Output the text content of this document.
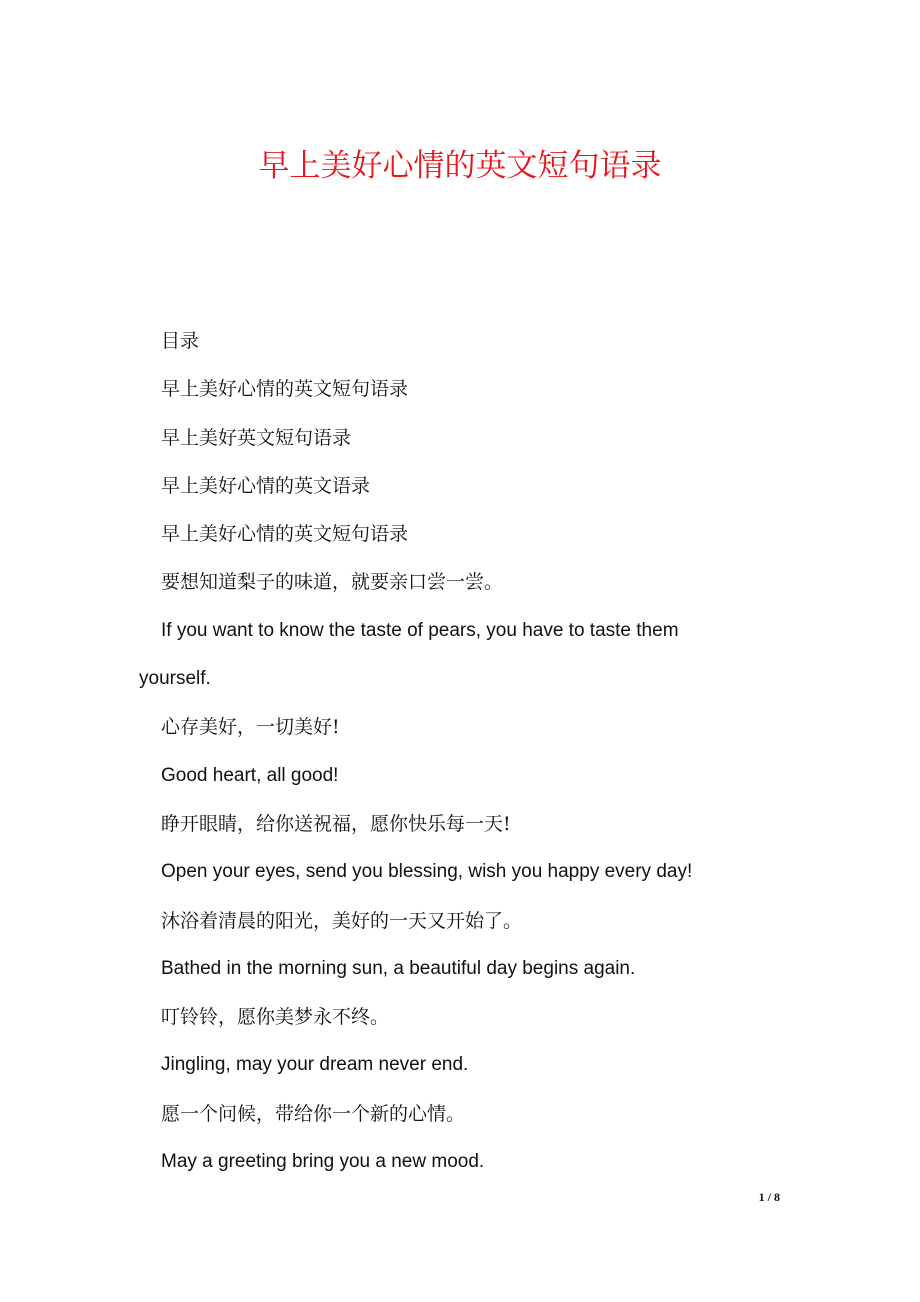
早上美好心情的英文短句语录
目录
早上美好心情的英文短句语录
早上美好英文短句语录
早上美好心情的英文语录
早上美好心情的英文短句语录
要想知道梨子的味道，就要亲口尝一尝。
If you want to know the taste of pears, you have to taste them yourself.
心存美好，一切美好!
Good heart, all good!
睁开眼睛，给你送祝福，愿你快乐每一天!
Open your eyes, send you blessing, wish you happy every day!
沐浴着清晨的阳光，美好的一天又开始了。
Bathed in the morning sun, a beautiful day begins again.
叮铃铃，愿你美梦永不终。
Jingling, may your dream never end.
愿一个问候，带给你一个新的心情。
May a greeting bring you a new mood.
1 / 8
